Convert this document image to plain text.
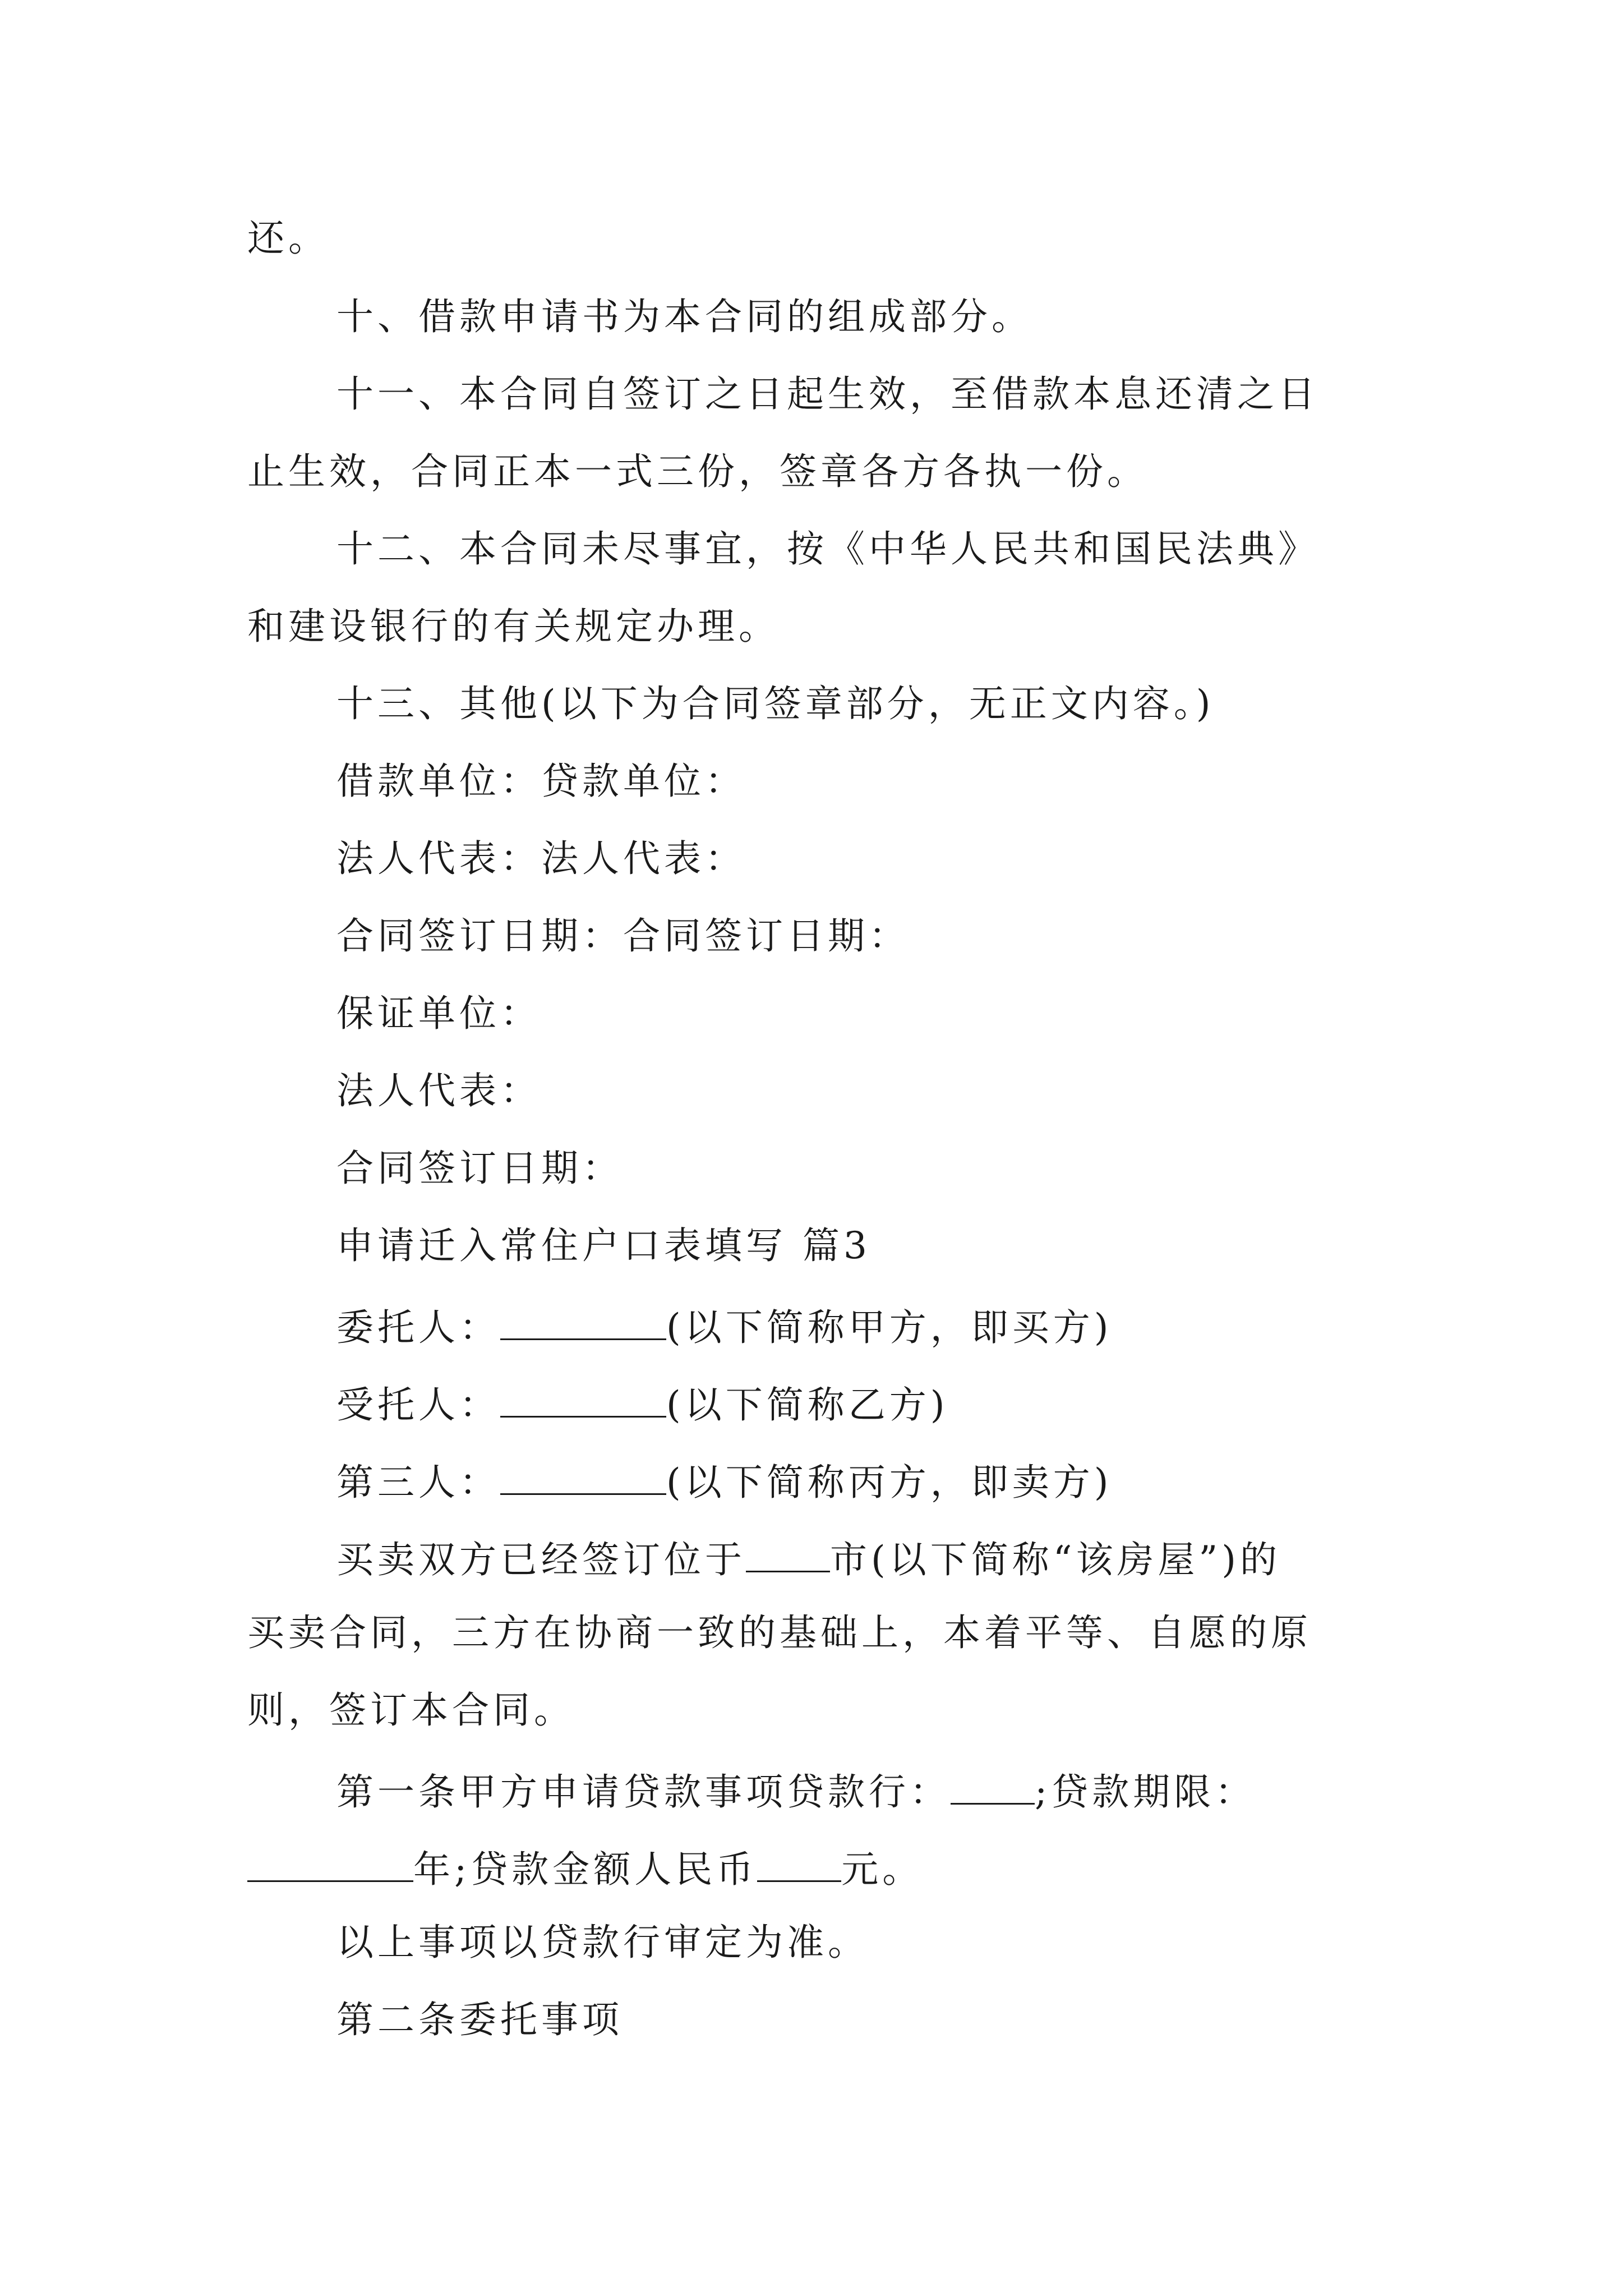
还。
十、借款申请书为本合同的组成部分。
十一、本合同自签订之日起生效，至借款本息还清之日
止生效，合同正本一式三份，签章各方各执一份。
十二、本合同未尽事宜，按《中华人民共和国民法典》
和建设银行的有关规定办理。
十三、其他(以下为合同签章部分，无正文内容。)
借款单位：贷款单位：
法人代表：法人代表：
合同签订日期：合同签订日期：
保证单位：
法人代表：
合同签订日期：
申请迁入常住户口表填写 篇3
委托人：	(以下简称甲方，即买方)
受托人：	(以下简称乙方)
第三人：	(以下简称丙方，即卖方)
买卖双方已经签订位于 市(以下简称“该房屋”)的
买卖合同，三方在协商一致的基础上，本着平等、自愿的原
则，签订本合同。
第一条甲方申请贷款事项贷款行： ;贷款期限：
年;贷款金额人民币 元。
以上事项以贷款行审定为准。
第二条委托事项
